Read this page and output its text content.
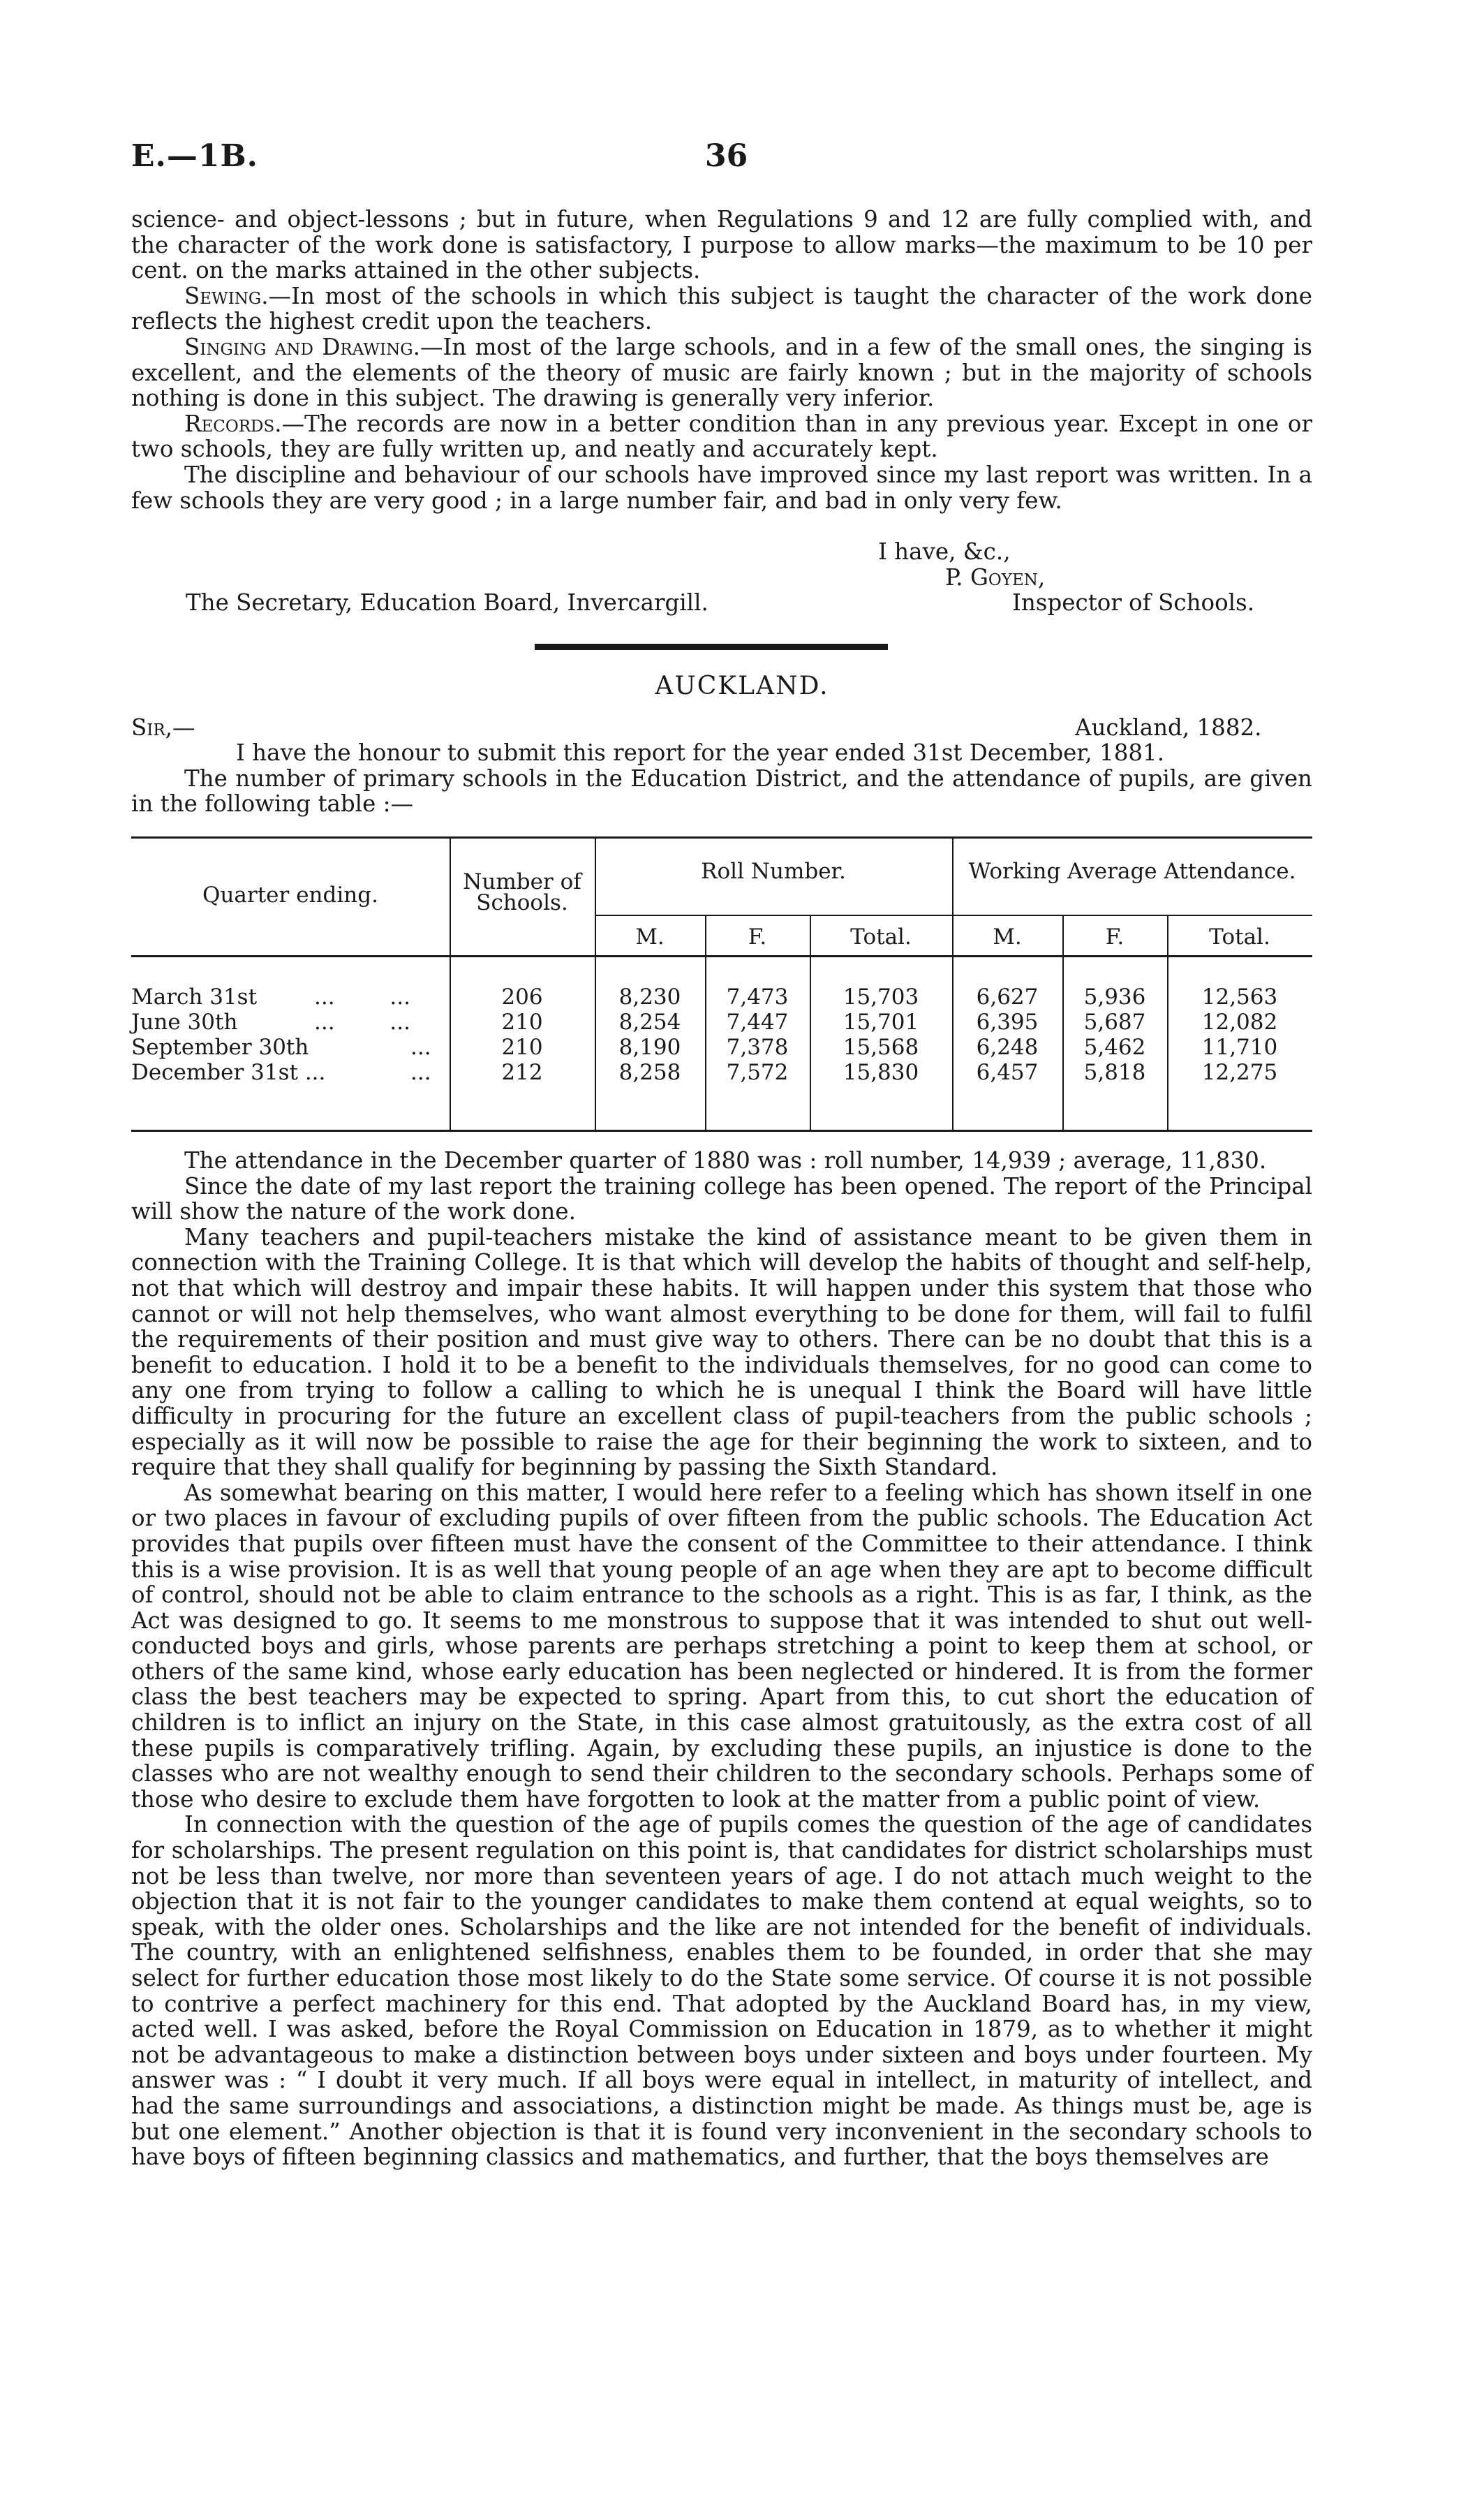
E.—1B.	36

science- and object-lessons ; but in future, when Regulations 9 and 12 are fully complied with, and the character of the work done is satisfactory, I purpose to allow marks—the maximum to be 10 per cent. on the marks attained in the other subjects.

Sewing.—In most of the schools in which this subject is taught the character of the work done reflects the highest credit upon the teachers.

Singing and Drawing.—In most of the large schools, and in a few of the small ones, the singing is excellent, and the elements of the theory of music are fairly known ; but in the majority of schools nothing is done in this subject. The drawing is generally very inferior.

Records.—The records are now in a better condition than in any previous year. Except in one or two schools, they are fully written up, and neatly and accurately kept.

The discipline and behaviour of our schools have improved since my last report was written. In a few schools they are very good ; in a large number fair, and bad in only very few.

I have, &c.,
P. Goyen,
The Secretary, Education Board, Invercargill.	Inspector of Schools.
AUCKLAND.
Sir,—	Auckland, 1882.

I have the honour to submit this report for the year ended 31st December, 1881.

The number of primary schools in the Education District, and the attendance of pupils, are given in the following table :—

Quarter ending.
Number of Schools.
Roll Number.	Working Average Attendance.
M.	F.	Total.	M.	F.	Total.
March 31st	...        ...	206	8,230	7,473	15,703	6,627	5,936	12,563
June 30th	...        ...	210	8,254	7,447	15,701	6,395	5,687	12,082
September 30th	...	210	8,190	7,378	15,568	6,248	5,462	11,710
December 31st ...	...	212	8,258	7,572	15,830	6,457	5,818	12,275

The attendance in the December quarter of 1880 was : roll number, 14,939 ; average, 11,830.

Since the date of my last report the training college has been opened. The report of the Principal will show the nature of the work done.

Many teachers and pupil-teachers mistake the kind of assistance meant to be given them in connection with the Training College. It is that which will develop the habits of thought and self-help, not that which will destroy and impair these habits. It will happen under this system that those who cannot or will not help themselves, who want almost everything to be done for them, will fail to fulfil the requirements of their position and must give way to others. There can be no doubt that this is a benefit to education. I hold it to be a benefit to the individuals themselves, for no good can come to any one from trying to follow a calling to which he is unequal I think the Board will have little difficulty in procuring for the future an excellent class of pupil-teachers from the public schools ; especially as it will now be possible to raise the age for their beginning the work to sixteen, and to require that they shall qualify for beginning by passing the Sixth Standard.

As somewhat bearing on this matter, I would here refer to a feeling which has shown itself in one or two places in favour of excluding pupils of over fifteen from the public schools. The Education Act provides that pupils over fifteen must have the consent of the Committee to their attendance. I think this is a wise provision. It is as well that young people of an age when they are apt to become difficult of control, should not be able to claim entrance to the schools as a right. This is as far, I think, as the Act was designed to go. It seems to me monstrous to suppose that it was intended to shut out well-conducted boys and girls, whose parents are perhaps stretching a point to keep them at school, or others of the same kind, whose early education has been neglected or hindered. It is from the former class the best teachers may be expected to spring. Apart from this, to cut short the education of children is to inflict an injury on the State, in this case almost gratuitously, as the extra cost of all these pupils is comparatively trifling. Again, by excluding these pupils, an injustice is done to the classes who are not wealthy enough to send their children to the secondary schools. Perhaps some of those who desire to exclude them have forgotten to look at the matter from a public point of view.

In connection with the question of the age of pupils comes the question of the age of candidates for scholarships. The present regulation on this point is, that candidates for district scholarships must not be less than twelve, nor more than seventeen years of age. I do not attach much weight to the objection that it is not fair to the younger candidates to make them contend at equal weights, so to speak, with the older ones. Scholarships and the like are not intended for the benefit of individuals. The country, with an enlightened selfishness, enables them to be founded, in order that she may select for further education those most likely to do the State some service. Of course it is not possible to contrive a perfect machinery for this end. That adopted by the Auckland Board has, in my view, acted well. I was asked, before the Royal Commission on Education in 1879, as to whether it might not be advantageous to make a distinction between boys under sixteen and boys under fourteen. My answer was : “ I doubt it very much. If all boys were equal in intellect, in maturity of intellect, and had the same surroundings and associations, a distinction might be made. As things must be, age is but one element.” Another objection is that it is found very inconvenient in the secondary schools to have boys of fifteen beginning classics and mathematics, and further, that the boys themselves are
